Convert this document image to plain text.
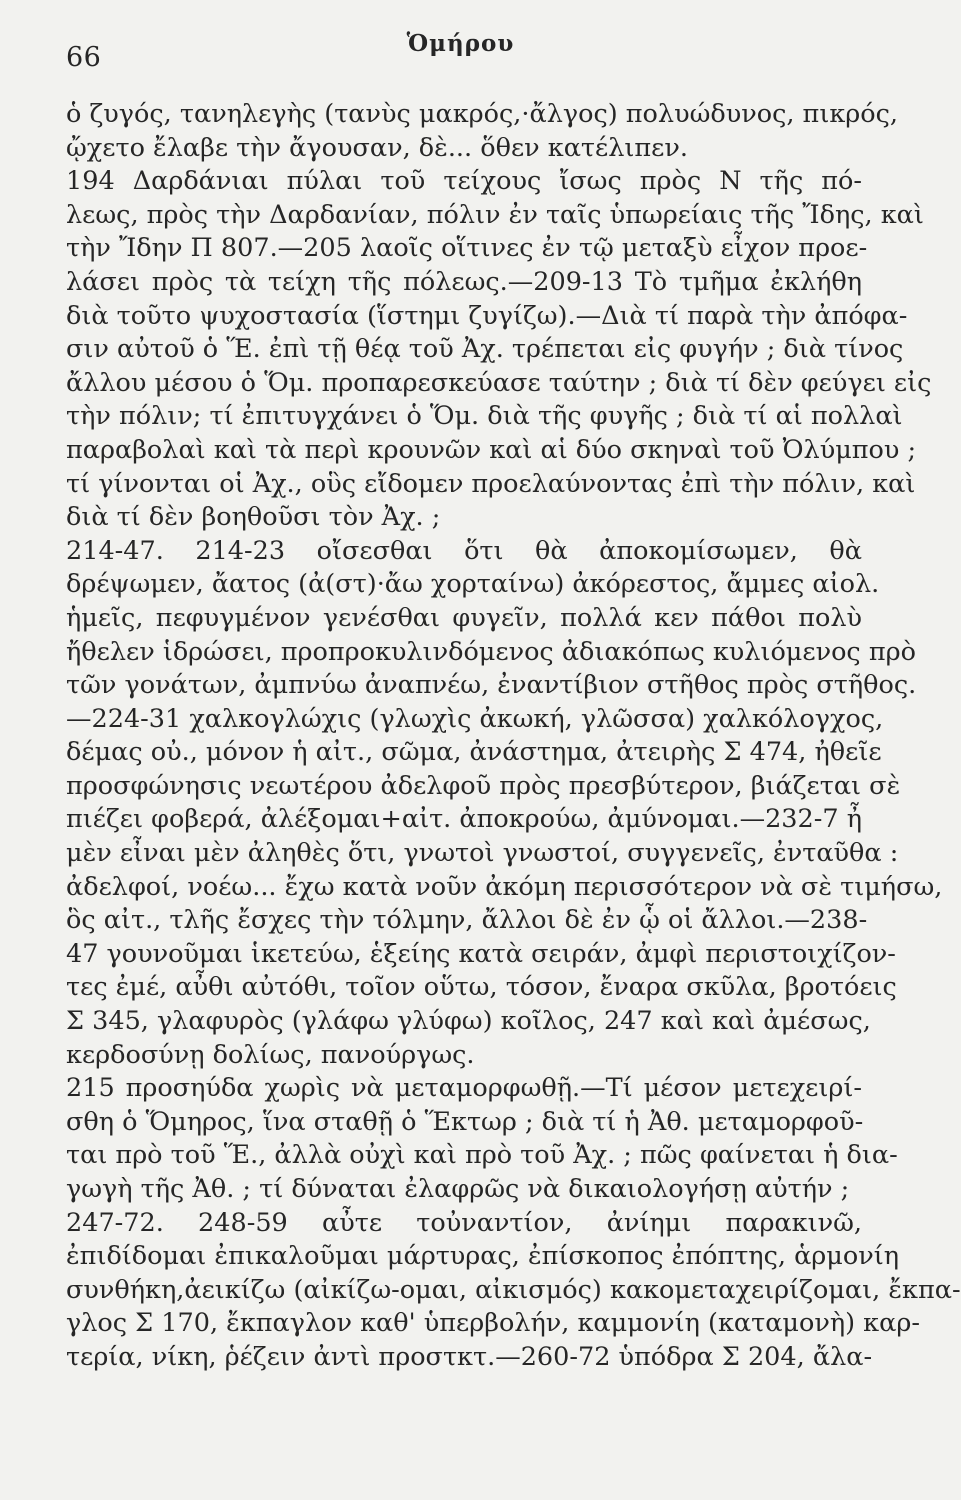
66	Ὁμήρου
ὁ ζυγός, τανηλεγὴς (τανὺς μακρός,·ἄλγος) πολυώδυνος, πικρός,
ᾤχετο ἔλαβε τὴν ἄγουσαν, δὲ... ὅθεν κατέλιπεν.
194 Δαρδάνιαι πύλαι τοῦ τείχους ἴσως πρὸς Ν τῆς πό-
λεως, πρὸς τὴν Δαρδανίαν, πόλιν ἐν ταῖς ὑπωρείαις τῆς Ἴδης, καὶ
τὴν Ἴδην Π 807.—205 λαοῖς οἵτινες ἐν τῷ μεταξὺ εἶχον προε-
λάσει πρὸς τὰ τείχη τῆς πόλεως.—209-13 Τὸ τμῆμα ἐκλήθη
διὰ τοῦτο ψυχοστασία (ἵστημι ζυγίζω).—Διὰ τί παρὰ τὴν ἀπόφα-
σιν αὐτοῦ ὁ Ἕ. ἐπὶ τῇ θέᾳ τοῦ Ἀχ. τρέπεται εἰς φυγήν ; διὰ τίνος
ἄλλου μέσου ὁ Ὅμ. προπαρεσκεύασε ταύτην ; διὰ τί δὲν φεύγει εἰς
τὴν πόλιν; τί ἐπιτυγχάνει ὁ Ὅμ. διὰ τῆς φυγῆς ; διὰ τί αἱ πολλαὶ
παραβολαὶ καὶ τὰ περὶ κρουνῶν καὶ αἱ δύο σκηναὶ τοῦ Ὀλύμπου ;
τί γίνονται οἱ Ἀχ., οὓς εἴδομεν προελαύνοντας ἐπὶ τὴν πόλιν, καὶ
διὰ τί δὲν βοηθοῦσι τὸν Ἀχ. ;
214-47. 214-23 οἴσεσθαι ὅτι θὰ ἀποκομίσωμεν, θὰ
δρέψωμεν, ἄατος (ἀ(στ)·ἄω χορταίνω) ἀκόρεστος, ἄμμες αἰολ.
ἡμεῖς, πεφυγμένον γενέσθαι φυγεῖν, πολλά κεν πάθοι πολὺ
ἤθελεν ἱδρώσει, προπροκυλινδόμενος ἀδιακόπως κυλιόμενος πρὸ
τῶν γονάτων, ἀμπνύω ἀναπνέω, ἐναντίβιον στῆθος πρὸς στῆθος.
—224-31 χαλκογλώχις (γλωχὶς ἀκωκή, γλῶσσα) χαλκόλογχος,
δέμας οὐ., μόνον ἡ αἰτ., σῶμα, ἀνάστημα, ἀτειρὴς Σ 474, ἠθεῖε
προσφώνησις νεωτέρου ἀδελφοῦ πρὸς πρεσβύτερον, βιάζεται σὲ
πιέζει φοβερά, ἀλέξομαι+αἰτ. ἀποκρούω, ἀμύνομαι.—232-7 ἦ
μὲν εἶναι μὲν ἀληθὲς ὅτι, γνωτοὶ γνωστοί, συγγενεῖς, ἐνταῦθα :
ἀδελφοί, νοέω... ἔχω κατὰ νοῦν ἀκόμη περισσότερον νὰ σὲ τιμήσω,
ὃς αἰτ., τλῆς ἔσχες τὴν τόλμην, ἄλλοι δὲ ἐν ᾧ οἱ ἄλλοι.—238-
47 γουνοῦμαι ἱκετεύω, ἑξείης κατὰ σειράν, ἀμφὶ περιστοιχίζον-
τες ἐμέ, αὖθι αὐτόθι, τοῖον οὕτω, τόσον, ἔναρα σκῦλα, βροτόεις
Σ 345, γλαφυρὸς (γλάφω γλύφω) κοῖλος, 247 καὶ καὶ ἀμέσως,
κερδοσύνῃ δολίως, πανούργως.
215 προσηύδα χωρὶς νὰ μεταμορφωθῇ.—Τί μέσον μετεχειρί-
σθη ὁ Ὅμηρος, ἵνα σταθῇ ὁ Ἕκτωρ ; διὰ τί ἡ Ἀθ. μεταμορφοῦ-
ται πρὸ τοῦ Ἕ., ἀλλὰ οὐχὶ καὶ πρὸ τοῦ Ἀχ. ; πῶς φαίνεται ἡ δια-
γωγὴ τῆς Ἀθ. ; τί δύναται ἐλαφρῶς νὰ δικαιολογήσῃ αὐτήν ;
247-72. 248-59 αὖτε τοὐναντίον, ἀνίημι παρακινῶ,
ἐπιδίδομαι ἐπικαλοῦμαι μάρτυρας, ἐπίσκοπος ἐπόπτης, ἁρμονίη
συνθήκη,ἀεικίζω (αἰκίζω-ομαι, αἰκισμός) κακομεταχειρίζομαι, ἔκπα-
γλος Σ 170, ἔκπαγλον καθ' ὑπερβολήν, καμμονίη (καταμονὴ) καρ-
τερία, νίκη, ῥέζειν ἀντὶ προστκτ.—260-72 ὑπόδρα Σ 204, ἄλα-
